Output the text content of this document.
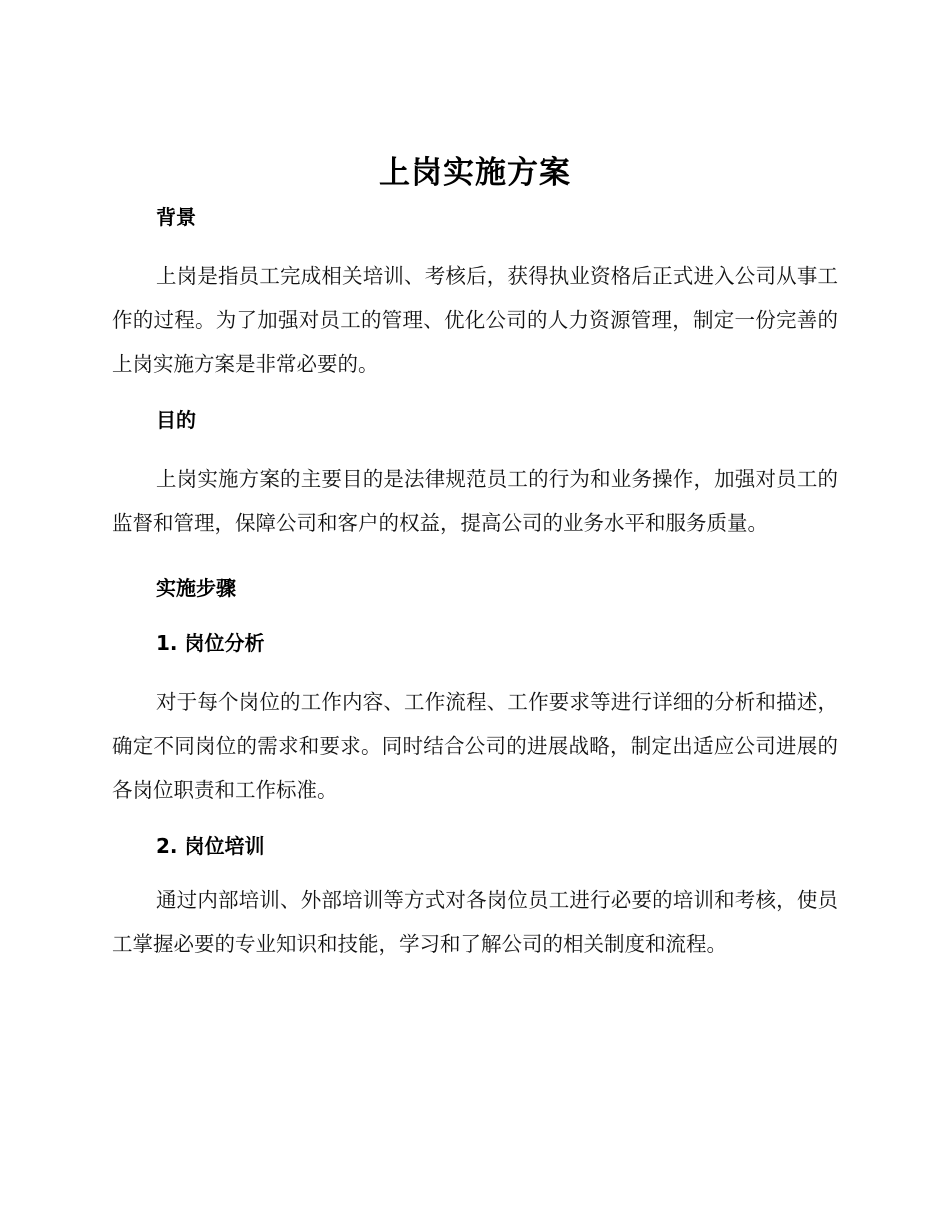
上岗实施方案
背景

上岗是指员工完成相关培训、考核后，获得执业资格后正式进入公司从事工作的过程。为了加强对员工的管理、优化公司的人力资源管理，制定一份完善的上岗实施方案是非常必要的。

目的

上岗实施方案的主要目的是法律规范员工的行为和业务操作，加强对员工的监督和管理，保障公司和客户的权益，提高公司的业务水平和服务质量。

实施步骤
1. 岗位分析

对于每个岗位的工作内容、工作流程、工作要求等进行详细的分析和描述，确定不同岗位的需求和要求。同时结合公司的进展战略，制定出适应公司进展的各岗位职责和工作标准。

2. 岗位培训

通过内部培训、外部培训等方式对各岗位员工进行必要的培训和考核，使员工掌握必要的专业知识和技能，学习和了解公司的相关制度和流程。
